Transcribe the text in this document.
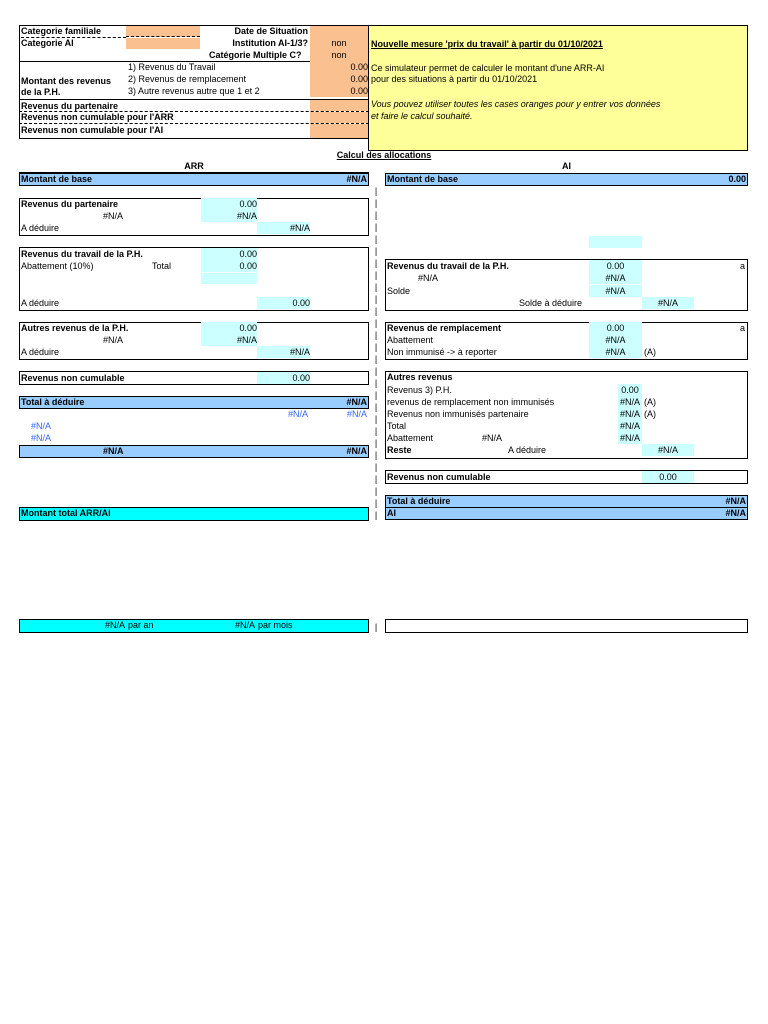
Categorie familiale	Date de Situation
Categorie AI	Institution AI-1/3?	non
Catégorie Multiple C?	non
1) Revenus du Travail	0.00
Montant des revenus 2) Revenus de remplacement	0.00
de la P.H.	3) Autre revenus autre que 1 et 2	0.00
Revenus du partenaire
Revenus non cumulable pour l'ARR
Revenus non cumulable pour l'AI
Nouvelle mesure 'prix du travail' à partir du 01/10/2021
Ce simulateur permet de calculer le montant d'une ARR-AI
pour des situations à partir du 01/10/2021
Vous pouvez utiliser toutes les cases oranges pour y entrer vos données
et faire le calcul souhaité.
Calcul des allocations
ARR	AI
|
|
|
|
|
|
|
|
|
|
|
|
|
|
|
|
|
|
|
|
|
|
|
|
|
|
|
|
|
Montant de base	#N/A
Revenus du partenaire	0.00
#N/A	#N/A
A déduire	#N/A
Revenus du travail de la P.H.	0.00
Abattement (10%)	Total	0.00
A déduire	0.00
Autres revenus de la P.H.	0.00
#N/A	#N/A
A déduire	#N/A
Revenus non cumulable	0.00
Total à déduire	#N/A
#N/A	#N/A
#N/A
#N/A
#N/A	#N/A
Montant total ARR/AI
#N/A par an	#N/A par mois
Montant de base	0.00
Revenus du travail de la P.H.	0.00	a
#N/A	#N/A
Solde	#N/A
Solde à déduire	#N/A
Revenus de remplacement	0.00	a
Abattement	#N/A
Non immunisé -> à reporter	#N/A	(A)
Autres revenus
Revenus 3) P.H.	0.00
revenus de remplacement non immunisés	#N/A (A)
Revenus non immunisés partenaire	#N/A (A)
Total	#N/A
Abattement	#N/A	#N/A
Reste	A déduire	#N/A
Revenus non cumulable	0.00
Total à déduire	#N/A
AI	#N/A
